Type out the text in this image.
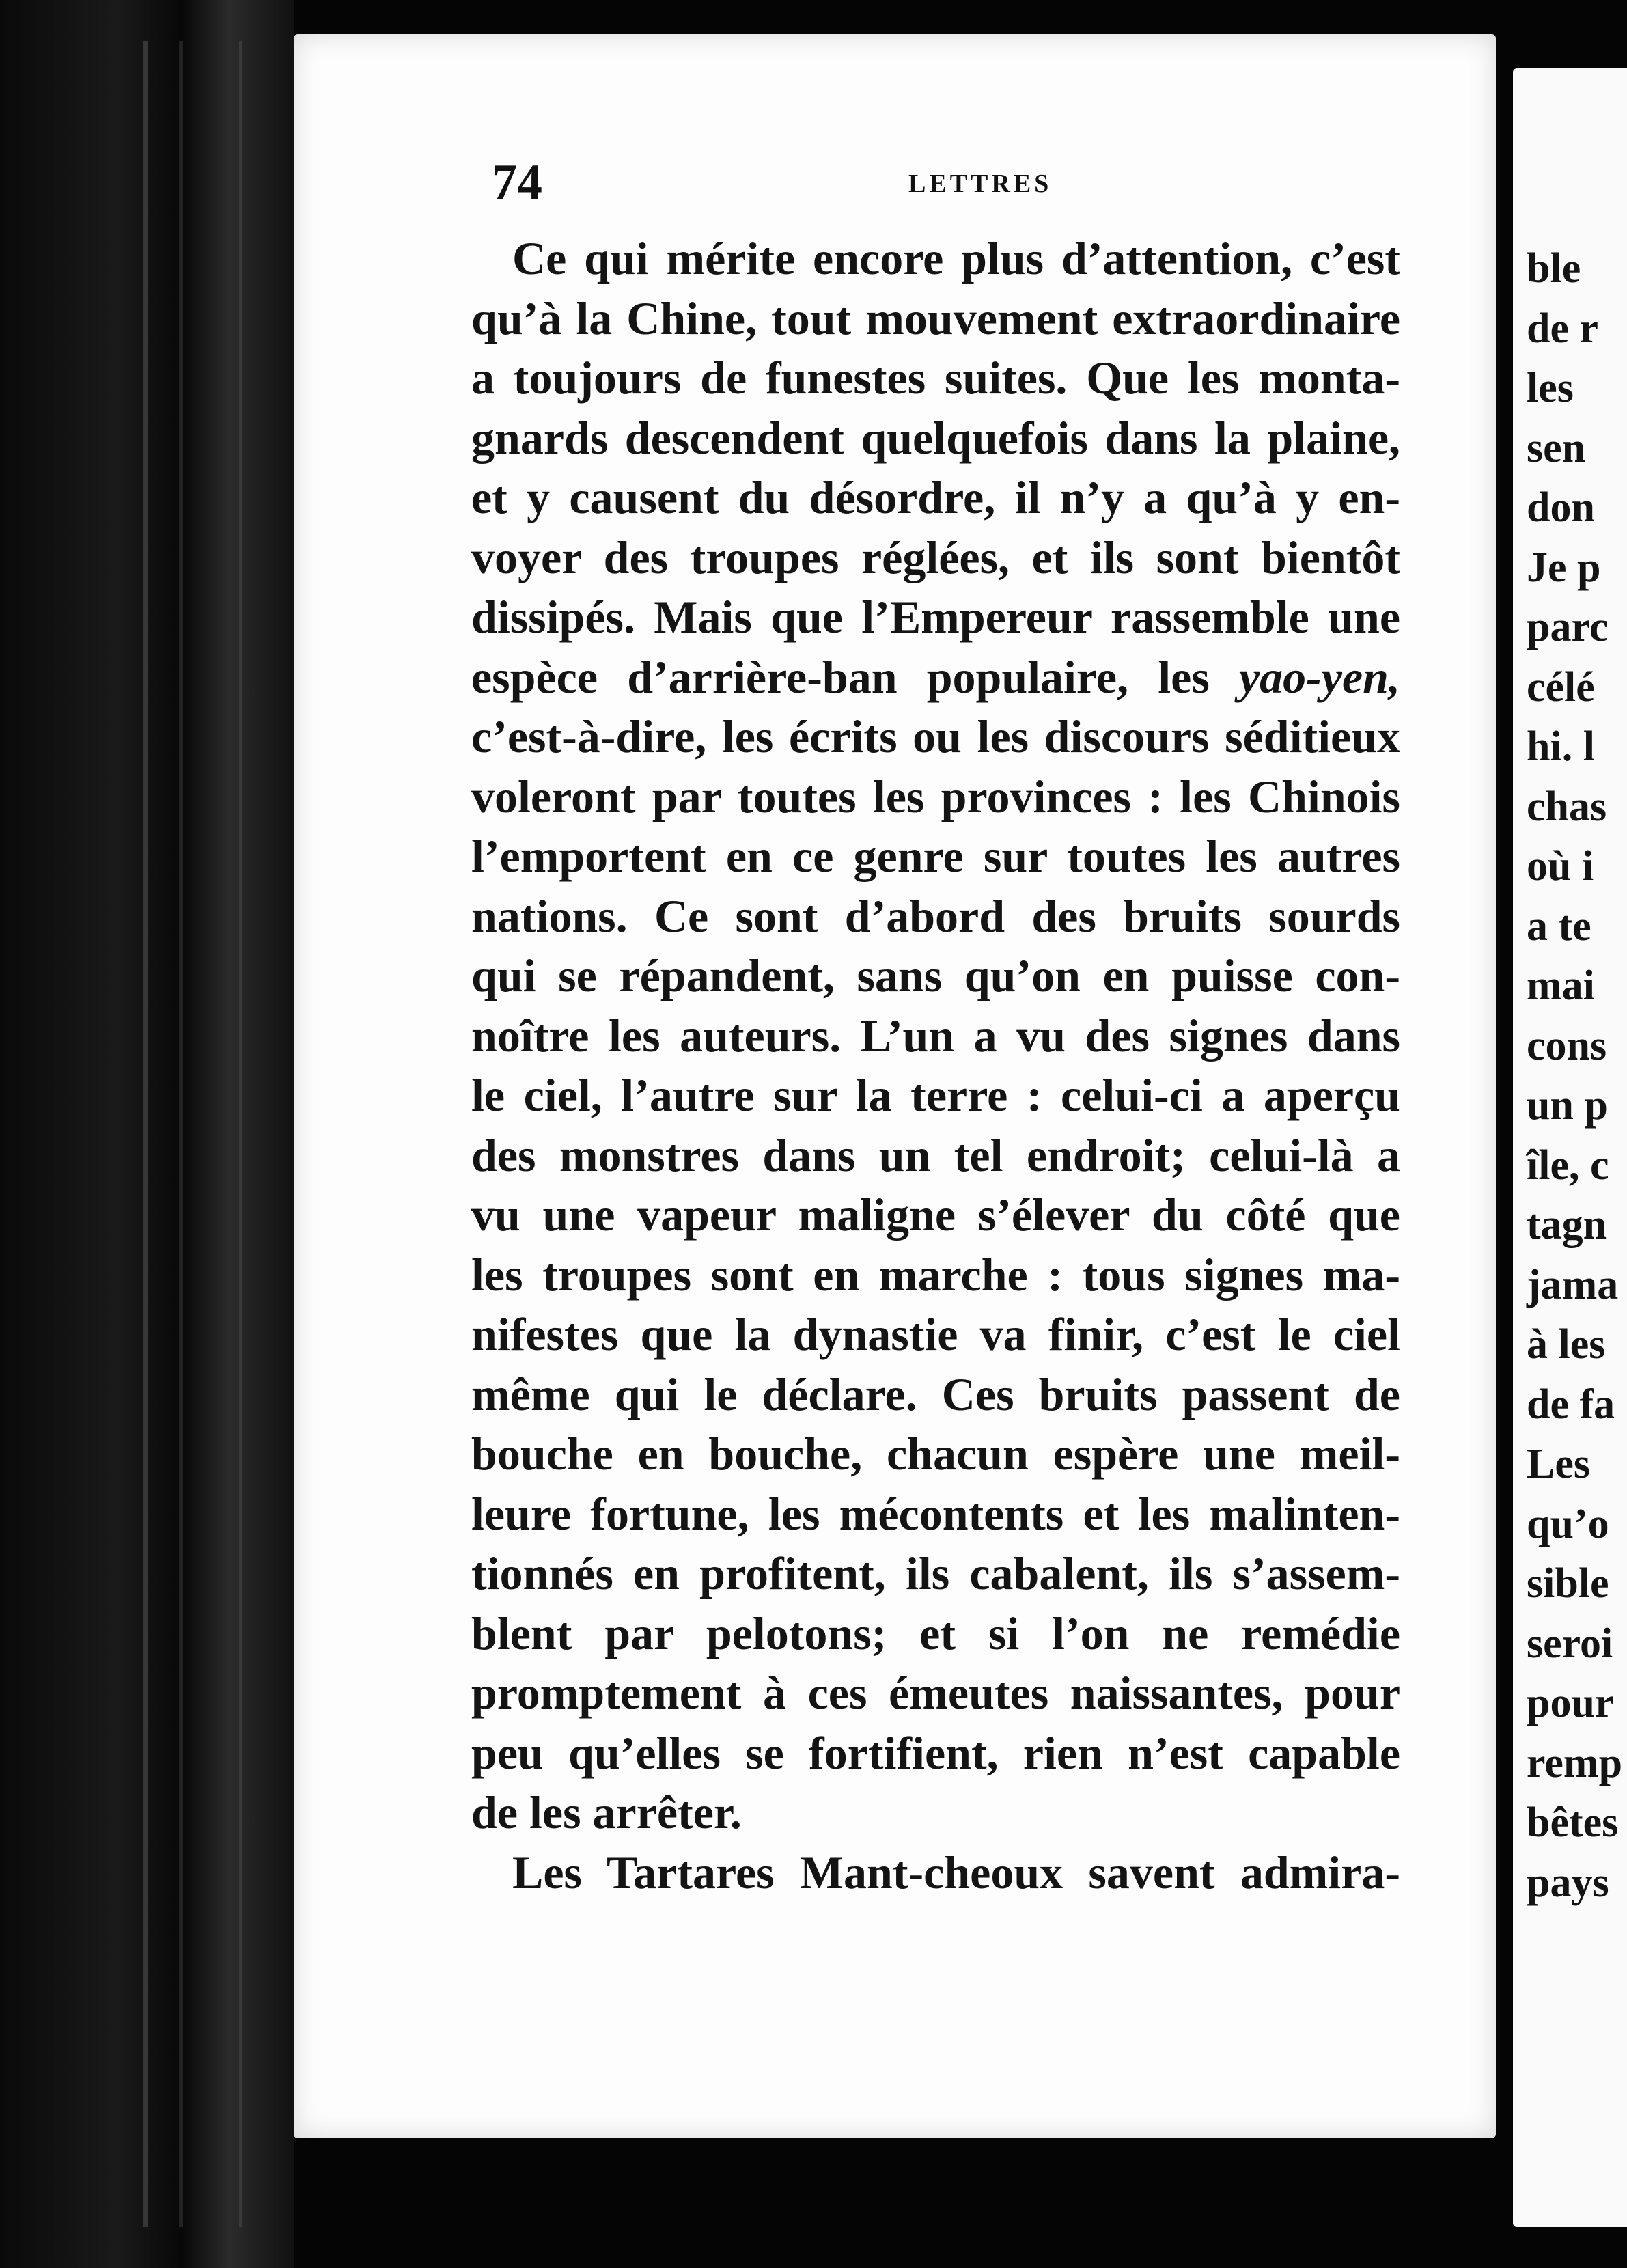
74	LETTRES
Ce qui mérite encore plus d’attention, c’est
qu’à la Chine, tout mouvement extraordinaire
a toujours de funestes suites. Que les monta-
gnards descendent quelquefois dans la plaine,
et y causent du désordre, il n’y a qu’à y en-
voyer des troupes réglées, et ils sont bientôt
dissipés. Mais que l’Empereur rassemble une
espèce d’arrière-ban populaire, les yao-yen,
c’est-à-dire, les écrits ou les discours séditieux
voleront par toutes les provinces : les Chinois
l’emportent en ce genre sur toutes les autres
nations. Ce sont d’abord des bruits sourds
qui se répandent, sans qu’on en puisse con-
noître les auteurs. L’un a vu des signes dans
le ciel, l’autre sur la terre : celui-ci a aperçu
des monstres dans un tel endroit; celui-là a
vu une vapeur maligne s’élever du côté que
les troupes sont en marche : tous signes ma-
nifestes que la dynastie va finir, c’est le ciel
même qui le déclare. Ces bruits passent de
bouche en bouche, chacun espère une meil-
leure fortune, les mécontents et les malinten-
tionnés en profitent, ils cabalent, ils s’assem-
blent par pelotons; et si l’on ne remédie
promptement à ces émeutes naissantes, pour
peu qu’elles se fortifient, rien n’est capable
de les arrêter.
Les Tartares Mant-cheoux savent admira-
ble
de r
les
sen
don
Je p
parc
célé
hi. l
chas
où i
a te
mai
cons
un p
île, c
tagn
jama
à les
de fa
Les
qu’o
sible
seroi
pour
remp
bêtes
pays
